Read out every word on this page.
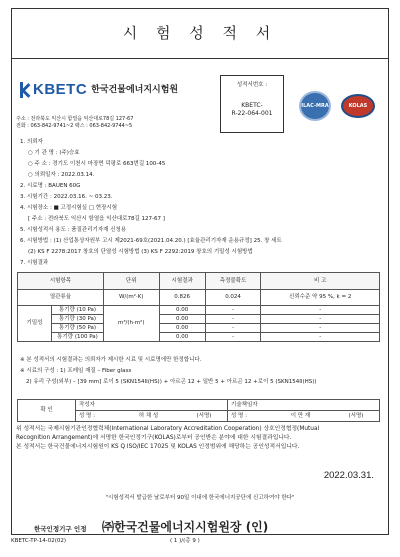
시 험 성 적 서
KBETC 한국건물에너지시험원
주소 : 전라북도 익산시 함열읍 익산대로78길 127-67
전화 : 063-842-9741~2 팩스 : 063-842-9744~5
성적서번호 :
KBETC-
R-22-064-001
ILAC-MRA	KOLAS
1. 의뢰자
○ 기 관 명 : (주)승효
○ 주 소 : 경기도 이천시 마장면 덕평로 663번길 100-45
○ 의뢰일자 : 2022.03.14.
2. 시료명 : BAUEN 60G
3. 시험기간 : 2022.03.16. ~ 03.23.
4. 시험장소 : ■ 고정시험실 □ 현장시험
[ 주소 : 전라북도 익산시 함열읍 익산대로78길 127-67 ]
5. 시험성적서 용도 : 품질관리기자재 신청용
6. 시험방법 : (1) 산업통상자원부 고시 제2021-69호(2021.04.20.) [효율관리기자재 운용규정] 25. 창 세트
(2) KS F 2278:2017 창호의 단열성 시험방법 (3) KS F 2292:2019 창호의 기밀성 시험방법
7. 시험결과
시험항목		단위	시험결과	측정불확도	비 고
열관류율		W/(m²·K)	0.826	0.024	신뢰수준 약 95 %, k = 2
기밀성	통기량 (10 Pa)	m³/(h·m²)	0.00	-	-
	통기량 (30 Pa)		0.00	-	-
	통기량 (50 Pa)		0.00	-	-
	통기량 (100 Pa)		0.00	-	-
※ 본 성적서의 시험결과는 의뢰자가 제시한 시료 및 시료명에만 한정합니다.
※ 시료의 구성 : 1) 프레임 재질 – Fiber glass
2) 유리 구성(외부) – [39 mm] 로이 5 (SKN154II(HS)) + 아르곤 12 + 일반 5 + 아르곤 12 +로이 5 (SKN154II(HS))
확 인	작성자			기술책임자		
	성 명 :	허 채 성	(서명)	성 명 :	이 만 재	(서명)
위 성적서는 국제시험기관인정협력체(International Laboratory Accreditation Cooperation) 상호인정협정(Mutual
Recognition Arrangement)에 서명한 한국인정기구(KOLAS)로부터 공인받은 분야에 대한 시험결과입니다.
본 성적서는 한국건물에너지시험원이 KS Q ISO/IEC 17025 및 KOLAS 인정범위에 해당하는 공인성적서입니다.
2022.03.31.
"시험성적서 발급한 날로부터 90일 이내에 한국에너지공단에 신고하여야 한다"
한국인정기구 인정 ㈜한국건물에너지시험원장 (인)
KBETC-TP-14-02(02)	( 1 )/(총 9 )
